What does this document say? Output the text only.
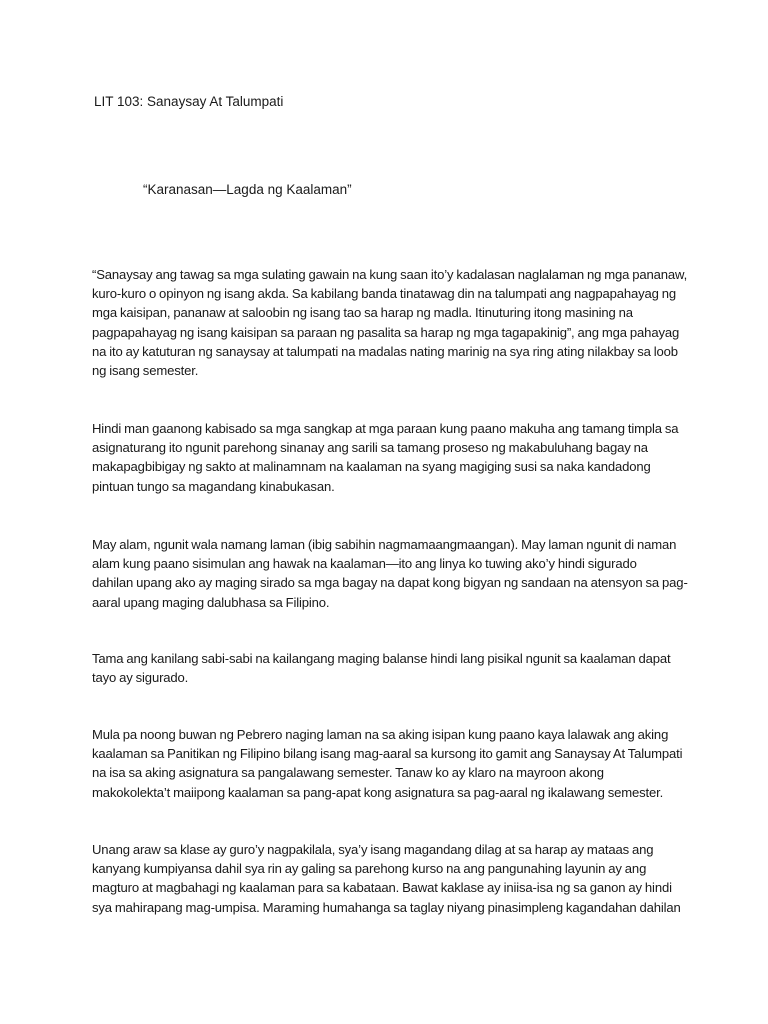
LIT 103: Sanaysay At Talumpati
“Karanasan—Lagda ng Kaalaman”

“Sanaysay ang tawag sa mga sulating gawain na kung saan ito’y kadalasan naglalaman ng mga pananaw,
kuro-kuro o opinyon ng isang akda. Sa kabilang banda tinatawag din na talumpati ang nagpapahayag ng
mga kaisipan, pananaw at saloobin ng isang tao sa harap ng madla. Itinuturing itong masining na
pagpapahayag ng isang kaisipan sa paraan ng pasalita sa harap ng mga tagapakinig”, ang mga pahayag
na ito ay katuturan ng sanaysay at talumpati na madalas nating marinig na sya ring ating nilakbay sa loob
ng isang semester.

Hindi man gaanong kabisado sa mga sangkap at mga paraan kung paano makuha ang tamang timpla sa
asignaturang ito ngunit parehong sinanay ang sarili sa tamang proseso ng makabuluhang bagay na
makapagbibigay ng sakto at malinamnam na kaalaman na syang magiging susi sa naka kandadong
pintuan tungo sa magandang kinabukasan.

May alam, ngunit wala namang laman (ibig sabihin nagmamaangmaangan). May laman ngunit di naman
alam kung paano sisimulan ang hawak na kaalaman—ito ang linya ko tuwing ako’y hindi sigurado
dahilan upang ako ay maging sirado sa mga bagay na dapat kong bigyan ng sandaan na atensyon sa pag-
aaral upang maging dalubhasa sa Filipino.

Tama ang kanilang sabi-sabi na kailangang maging balanse hindi lang pisikal ngunit sa kaalaman dapat
tayo ay sigurado.

Mula pa noong buwan ng Pebrero naging laman na sa aking isipan kung paano kaya lalawak ang aking
kaalaman sa Panitikan ng Filipino bilang isang mag-aaral sa kursong ito gamit ang Sanaysay At Talumpati
na isa sa aking asignatura sa pangalawang semester. Tanaw ko ay klaro na mayroon akong
makokolekta’t maiipong kaalaman sa pang-apat kong asignatura sa pag-aaral ng ikalawang semester.

Unang araw sa klase ay guro’y nagpakilala, sya’y isang magandang dilag at sa harap ay mataas ang
kanyang kumpiyansa dahil sya rin ay galing sa parehong kurso na ang pangunahing layunin ay ang
magturo at magbahagi ng kaalaman para sa kabataan. Bawat kaklase ay iniisa-isa ng sa ganon ay hindi
sya mahirapang mag-umpisa. Maraming humahanga sa taglay niyang pinasimpleng kagandahan dahilan
